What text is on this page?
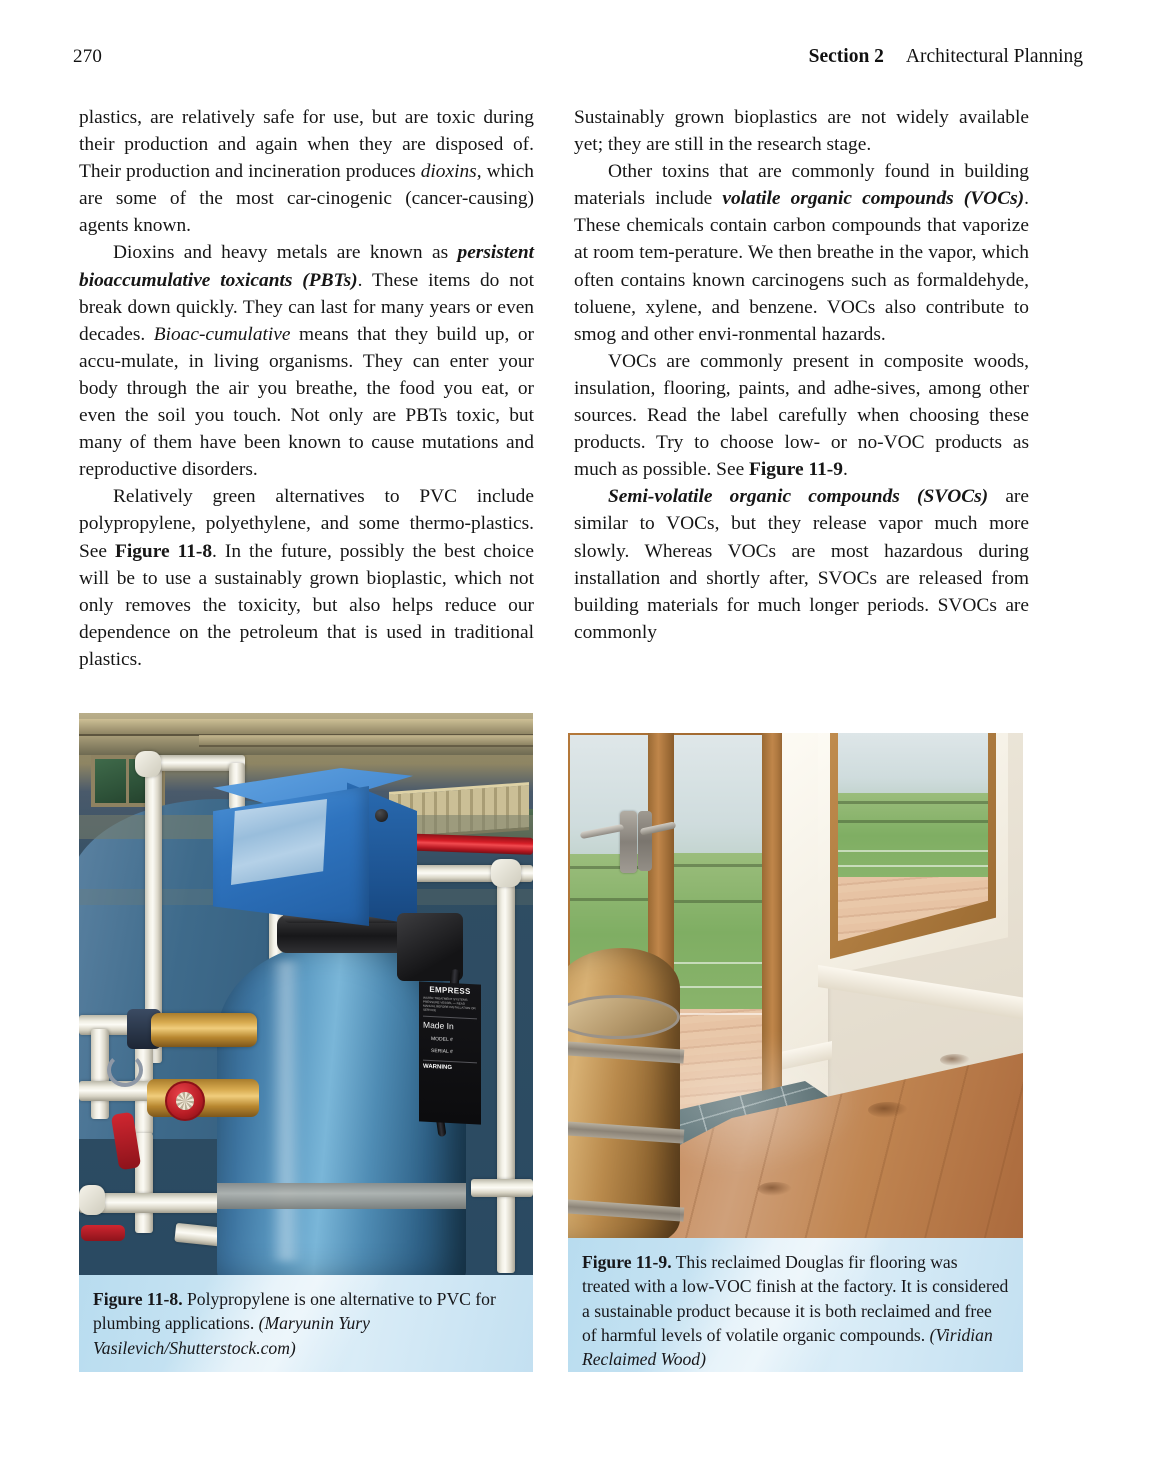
270	Section 2 Architectural Planning

plastics, are relatively safe for use, but are toxic during their production and again when they are disposed of. Their production and incineration produces dioxins, which are some of the most car-cinogenic (cancer-causing) agents known.

Dioxins and heavy metals are known as persistent bioaccumulative toxicants (PBTs). These items do not break down quickly. They can last for many years or even decades. Bioac-cumulative means that they build up, or accu-mulate, in living organisms. They can enter your body through the air you breathe, the food you eat, or even the soil you touch. Not only are PBTs toxic, but many of them have been known to cause mutations and reproductive disorders.

Relatively green alternatives to PVC include polypropylene, polyethylene, and some thermo-plastics. See Figure 11-8. In the future, possibly the best choice will be to use a sustainably grown bioplastic, which not only removes the toxicity, but also helps reduce our dependence on the petroleum that is used in traditional plastics.

Sustainably grown bioplastics are not widely available yet; they are still in the research stage.

Other toxins that are commonly found in building materials include volatile organic compounds (VOCs). These chemicals contain carbon compounds that vaporize at room tem-perature. We then breathe in the vapor, which often contains known carcinogens such as formaldehyde, toluene, xylene, and benzene. VOCs also contribute to smog and other envi-ronmental hazards.

VOCs are commonly present in composite woods, insulation, flooring, paints, and adhe-sives, among other sources. Read the label carefully when choosing these products. Try to choose low- or no-VOC products as much as possible. See Figure 11-9.

Semi-volatile organic compounds (SVOCs) are similar to VOCs, but they release vapor much more slowly. Whereas VOCs are most hazardous during installation and shortly after, SVOCs are released from building materials for much longer periods. SVOCs are commonly

EMPRESS
WATER TREATMENT SYSTEMS PRESSURE VESSEL — READ MANUAL BEFORE INSTALLATION OR SERVICE
Made In
MODEL #
SERIAL #
WARNING
Figure 11-8. Polypropylene is one alternative to PVC for plumbing applications. (Maryunin Yury Vasilevich/Shutterstock.com)
Figure 11-9. This reclaimed Douglas fir flooring was treated with a low-VOC finish at the factory. It is considered a sustainable product because it is both reclaimed and free of harmful levels of volatile organic compounds. (Viridian Reclaimed Wood)
